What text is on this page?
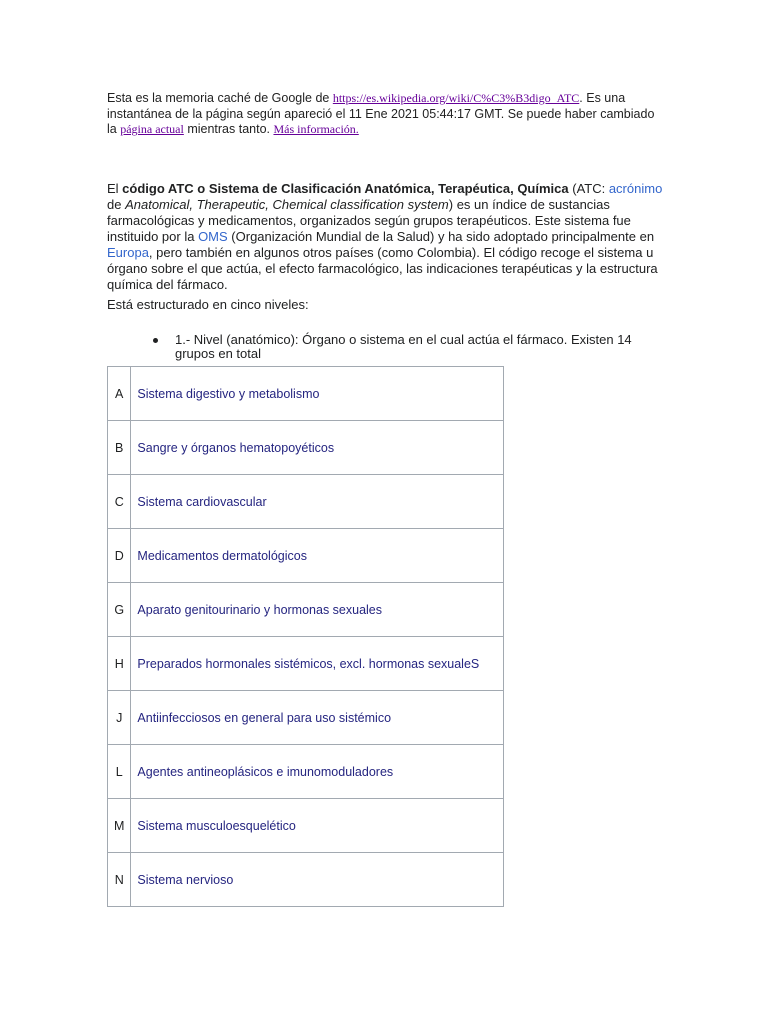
Esta es la memoria caché de Google de https://es.wikipedia.org/wiki/C%C3%B3digo_ATC. Es una instantánea de la página según apareció el 11 Ene 2021 05:44:17 GMT. Se puede haber cambiado la página actual mientras tanto. Más información.

El código ATC o Sistema de Clasificación Anatómica, Terapéutica, Química (ATC: acrónimo de Anatomical, Therapeutic, Chemical classification system) es un índice de sustancias farmacológicas y medicamentos, organizados según grupos terapéuticos. Este sistema fue instituido por la OMS (Organización Mundial de la Salud) y ha sido adoptado principalmente en Europa, pero también en algunos otros países (como Colombia). El código recoge el sistema u órgano sobre el que actúa, el efecto farmacológico, las indicaciones terapéuticas y la estructura química del fármaco.

Está estructurado en cinco niveles:

1.- Nivel (anatómico): Órgano o sistema en el cual actúa el fármaco. Existen 14 grupos en total
A	Sistema digestivo y metabolismo
B	Sangre y órganos hematopoyéticos
C	Sistema cardiovascular
D	Medicamentos dermatológicos
G	Aparato genitourinario y hormonas sexuales
H	Preparados hormonales sistémicos, excl. hormonas sexualeS
J	Antiinfecciosos en general para uso sistémico
L	Agentes antineoplásicos e imunomoduladores
M	Sistema musculoesquelético
N	Sistema nervioso
